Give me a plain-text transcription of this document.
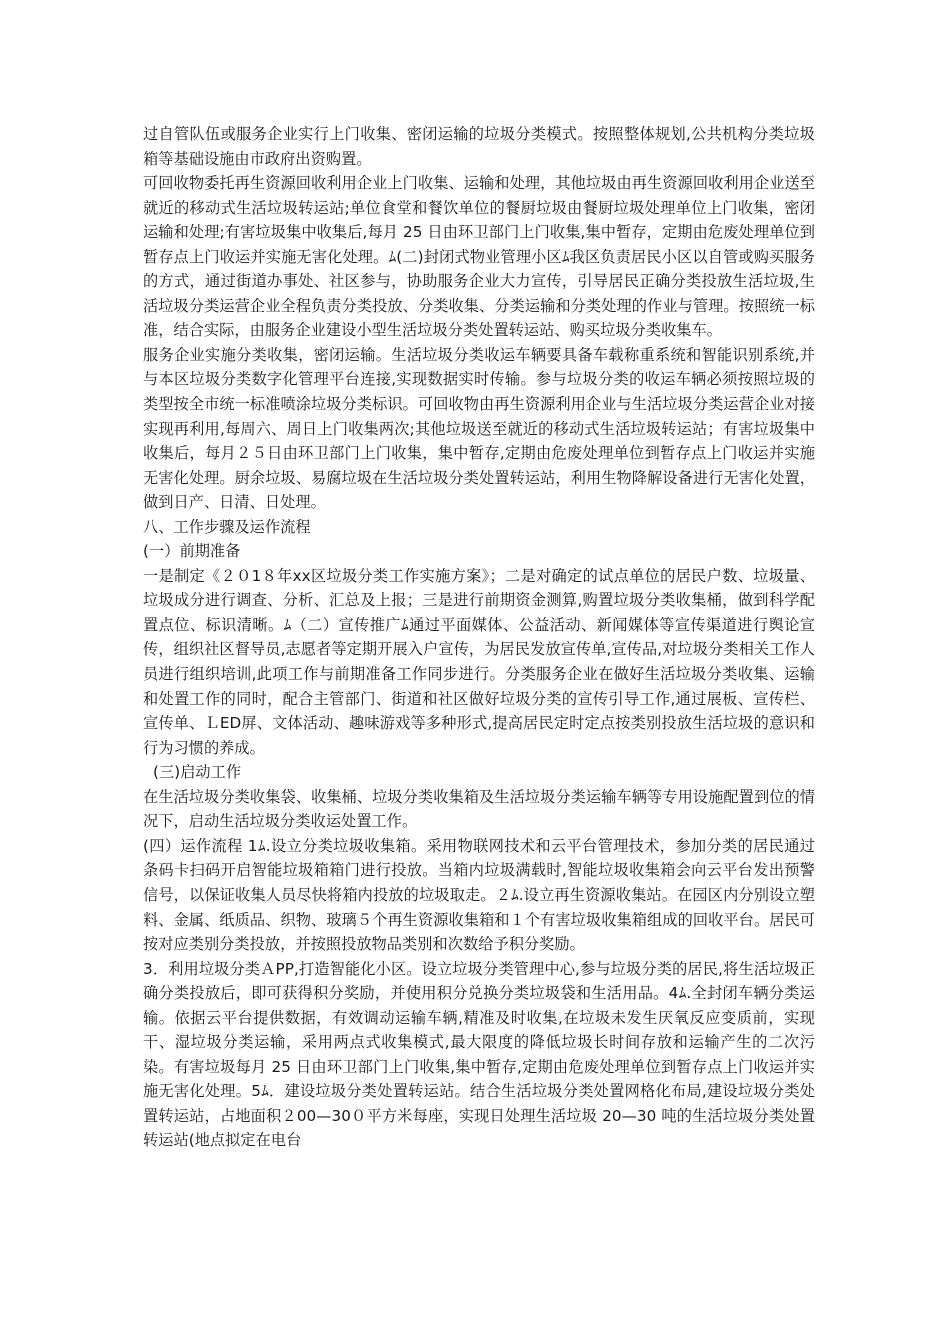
过自管队伍或服务企业实行上门收集、密闭运输的垃圾分类模式。按照整体规划,公共机构分类垃圾箱等基础设施由市政府出资购置。

可回收物委托再生资源回收利用企业上门收集、运输和处理，其他垃圾由再生资源回收利用企业送至就近的移动式生活垃圾转运站;单位食堂和餐饮单位的餐厨垃圾由餐厨垃圾处理单位上门收集，密闭运输和处理;有害垃圾集中收集后,每月 25 日由环卫部门上门收集,集中暂存，定期由危废处理单位到暂存点上门收运并实施无害化处理。ﾑ(二)封闭式物业管理小区ﾑ我区负责居民小区以自管或购买服务的方式，通过街道办事处、社区参与，协助服务企业大力宣传，引导居民正确分类投放生活垃圾,生活垃圾分类运营企业全程负责分类投放、分类收集、分类运输和分类处理的作业与管理。按照统一标准，结合实际，由服务企业建设小型生活垃圾分类处置转运站、购买垃圾分类收集车。

服务企业实施分类收集，密闭运输。生活垃圾分类收运车辆要具备车载称重系统和智能识别系统,并与本区垃圾分类数字化管理平台连接,实现数据实时传输。参与垃圾分类的收运车辆必须按照垃圾的类型按全市统一标准喷涂垃圾分类标识。可回收物由再生资源利用企业与生活垃圾分类运营企业对接实现再利用,每周六、周日上门收集两次;其他垃圾送至就近的移动式生活垃圾转运站；有害垃圾集中收集后，每月２５日由环卫部门上门收集，集中暂存,定期由危废处理单位到暂存点上门收运并实施无害化处理。厨余垃圾、易腐垃圾在生活垃圾分类处置转运站，利用生物降解设备进行无害化处置，做到日产、日清、日处理。

八、工作步骤及运作流程

(一）前期准备

一是制定《２０1８年xx区垃圾分类工作实施方案》；二是对确定的试点单位的居民户数、垃圾量、垃圾成分进行调查、分析、汇总及上报；三是进行前期资金测算,购置垃圾分类收集桶，做到科学配置点位、标识清晰。ﾑ（二）宣传推广ﾑ通过平面媒体、公益活动、新闻媒体等宣传渠道进行舆论宣传，组织社区督导员,志愿者等定期开展入户宣传，为居民发放宣传单,宣传品,对垃圾分类相关工作人员进行组织培训,此项工作与前期准备工作同步进行。分类服务企业在做好生活垃圾分类收集、运输和处置工作的同时，配合主管部门、街道和社区做好垃圾分类的宣传引导工作,通过展板、宣传栏、宣传单、ＬED屏、文体活动、趣味游戏等多种形式,提高居民定时定点按类别投放生活垃圾的意识和行为习惯的养成。

(三)启动工作

在生活垃圾分类收集袋、收集桶、垃圾分类收集箱及生活垃圾分类运输车辆等专用设施配置到位的情况下，启动生活垃圾分类收运处置工作。

(四）运作流程 1ﾑ.设立分类垃圾收集箱。采用物联网技术和云平台管理技术，参加分类的居民通过条码卡扫码开启智能垃圾箱箱门进行投放。当箱内垃圾满载时,智能垃圾收集箱会向云平台发出预警信号，以保证收集人员尽快将箱内投放的垃圾取走。２ﾑ.设立再生资源收集站。在园区内分别设立塑料、金属、纸质品、织物、玻璃５个再生资源收集箱和１个有害垃圾收集箱组成的回收平台。居民可按对应类别分类投放，并按照投放物品类别和次数给予积分奖励。

3．利用垃圾分类ＡPP,打造智能化小区。设立垃圾分类管理中心,参与垃圾分类的居民,将生活垃圾正确分类投放后，即可获得积分奖励，并使用积分兑换分类垃圾袋和生活用品。4ﾑ.全封闭车辆分类运输。依据云平台提供数据，有效调动运输车辆,精准及时收集,在垃圾未发生厌氧反应变质前，实现干、湿垃圾分类运输，采用两点式收集模式,最大限度的降低垃圾长时间存放和运输产生的二次污染。有害垃圾每月 25 日由环卫部门上门收集,集中暂存,定期由危废处理单位到暂存点上门收运并实施无害化处理。5ﾑ．建设垃圾分类处置转运站。结合生活垃圾分类处置网格化布局,建设垃圾分类处置转运站，占地面积２00—30０平方米每座，实现日处理生活垃圾 20—30 吨的生活垃圾分类处置转运站(地点拟定在电台
